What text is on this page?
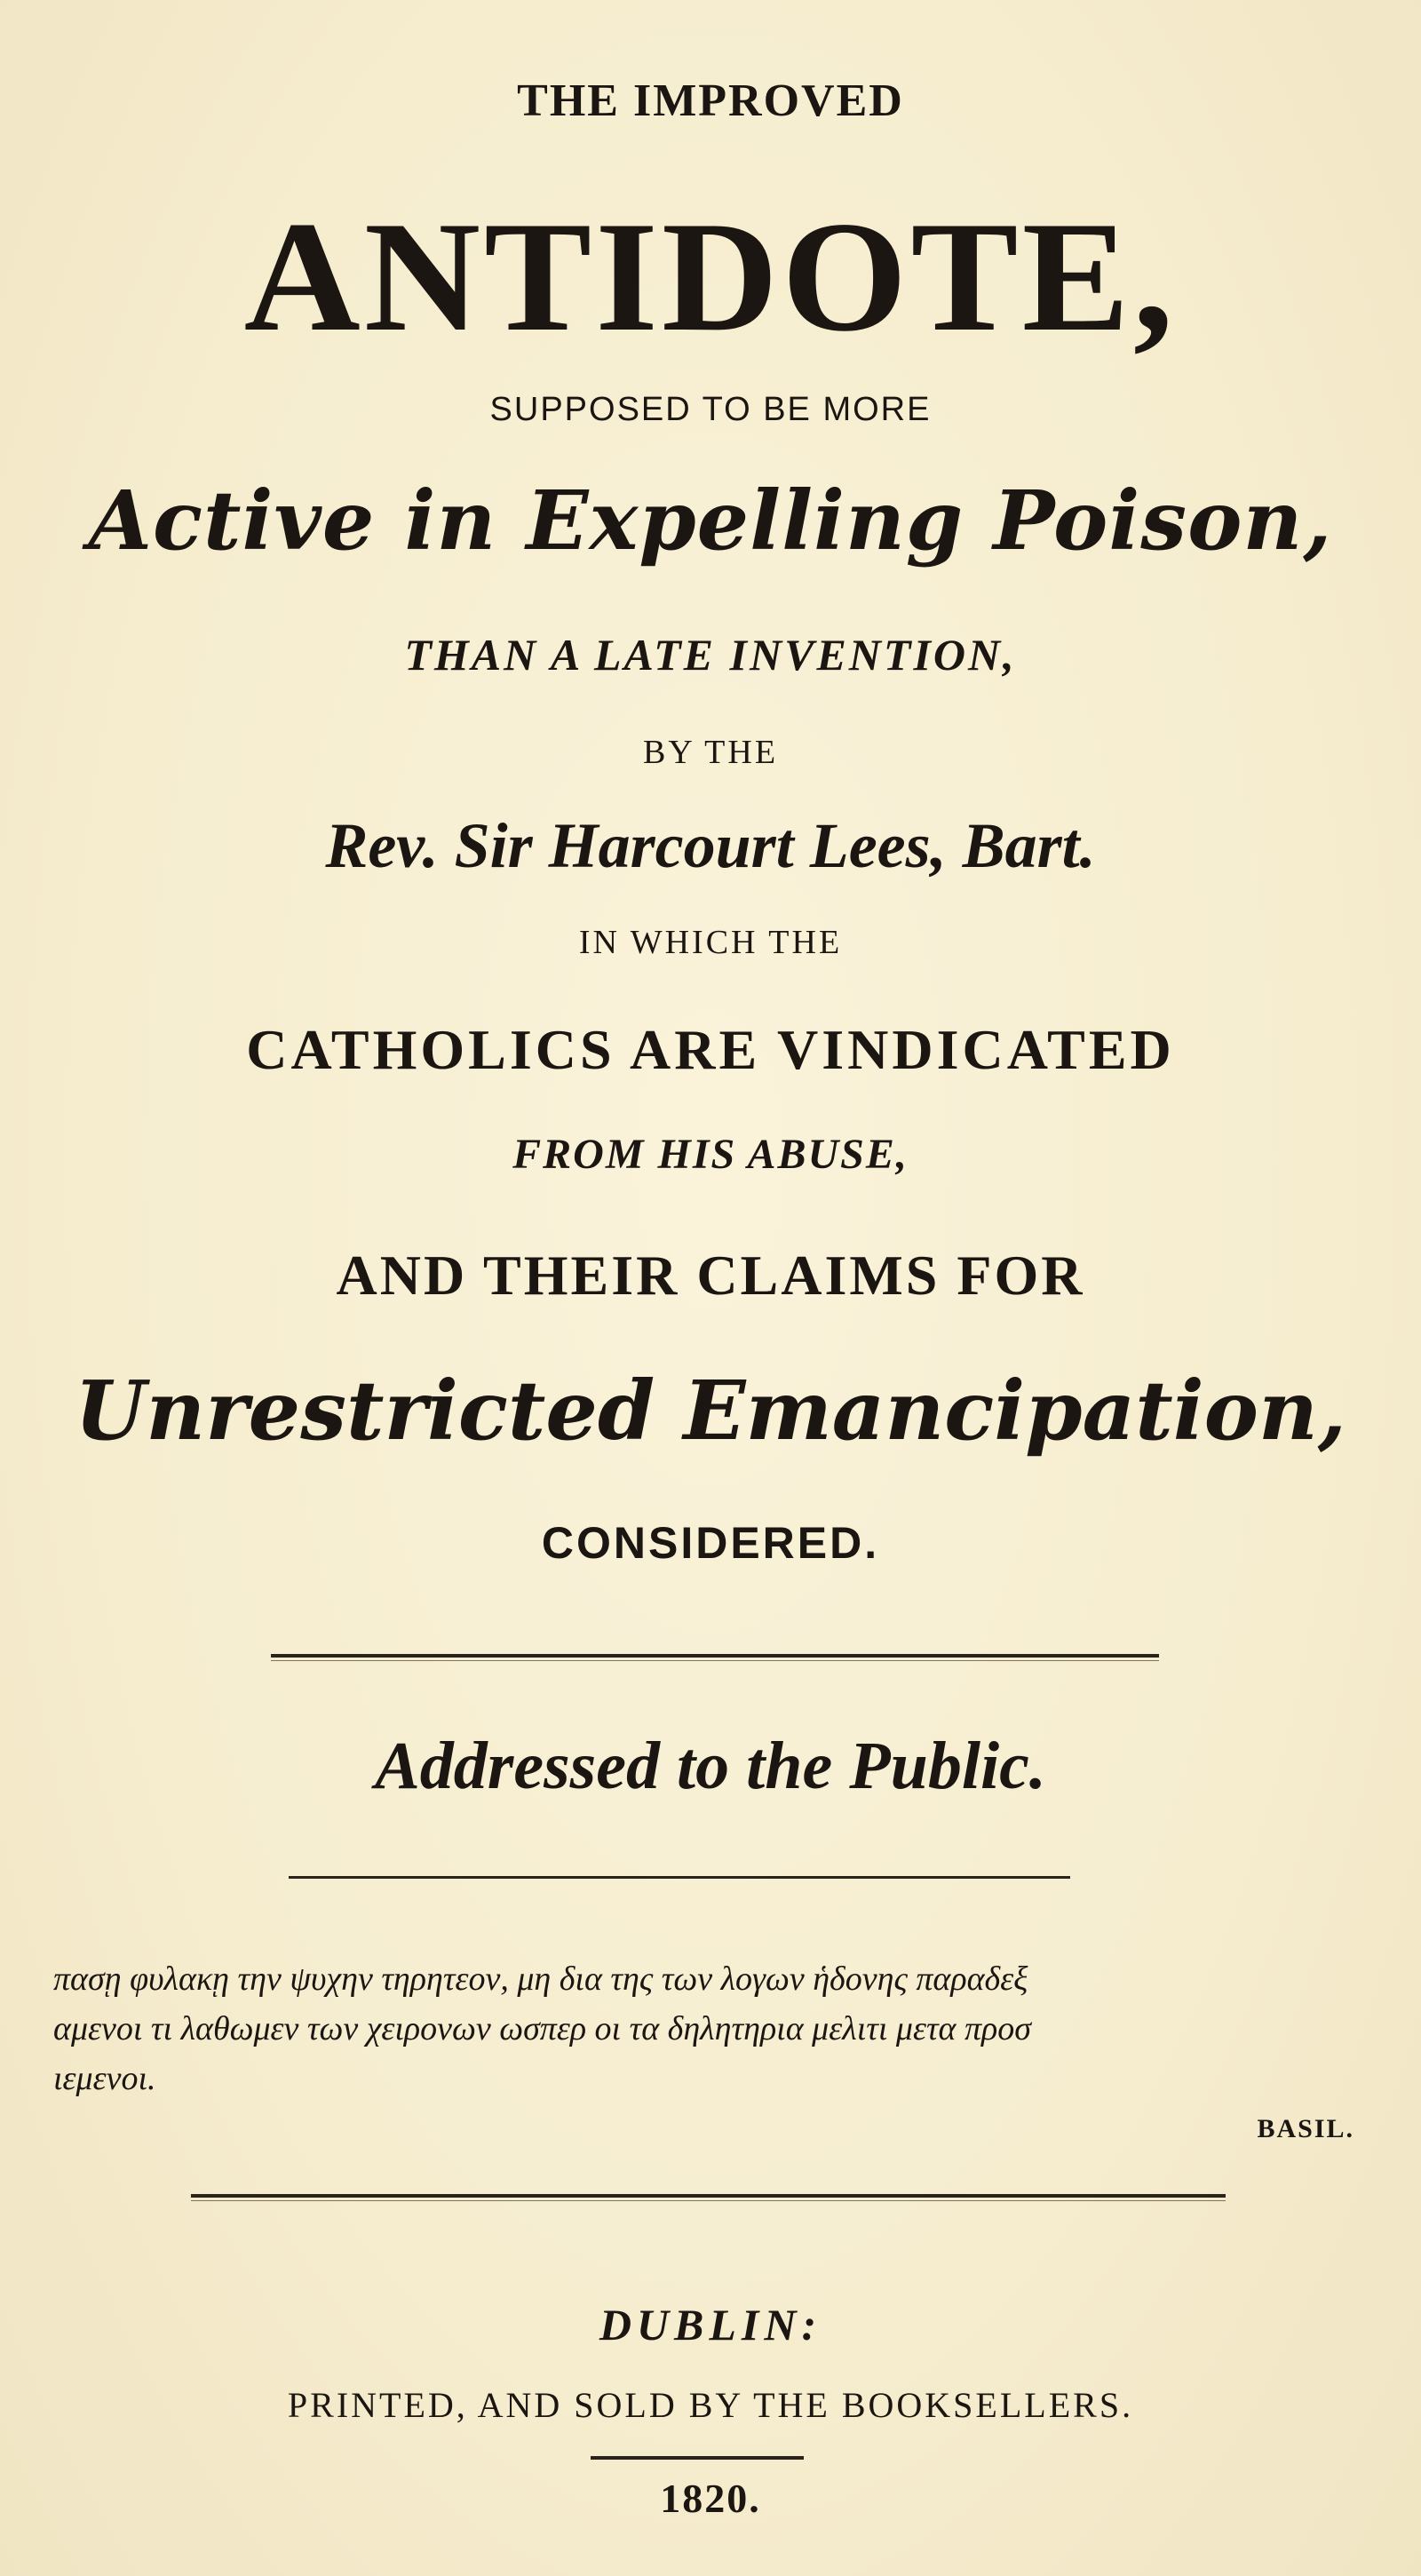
THE IMPROVED
ANTIDOTE,
SUPPOSED TO BE MORE
Active in Expelling Poison,
THAN A LATE INVENTION,
BY THE
Rev. Sir Harcourt Lees, Bart.
IN WHICH THE
CATHOLICS ARE VINDICATED
FROM HIS ABUSE,
AND THEIR CLAIMS FOR
Unrestricted Emancipation,
CONSIDERED.
Addressed to the Public.
πασῃ φυλακῃ την ψυχην τηρητεον, μη δια της των λογων ἡδονης παραδεξ
αμενοι τι λαθωμεν των χειρονων ωσπερ οι τα δηλητηρια μελιτι μετα προσ
ιεμενοι.
BASIL.
DUBLIN:
PRINTED, AND SOLD BY THE BOOKSELLERS.
1820.
